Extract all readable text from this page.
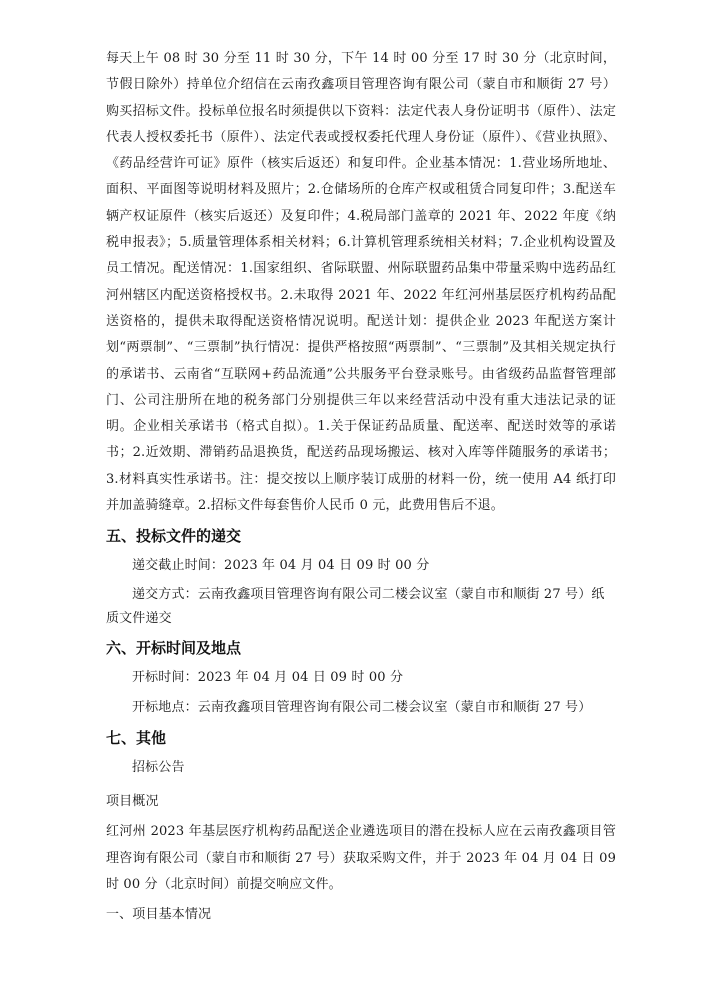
每天上午 08 时 30 分至 11 时 30 分，下午 14 时 00 分至 17 时 30 分（北京时间，节假日除外）持单位介绍信在云南孜鑫项目管理咨询有限公司（蒙自市和顺街 27 号）购买招标文件。投标单位报名时须提供以下资料：法定代表人身份证明书（原件）、法定代表人授权委托书（原件）、法定代表或授权委托代理人身份证（原件）、《营业执照》、《药品经营许可证》原件（核实后返还）和复印件。企业基本情况：1.营业场所地址、面积、平面图等说明材料及照片；2.仓储场所的仓库产权或租赁合同复印件；3.配送车辆产权证原件（核实后返还）及复印件；4.税局部门盖章的 2021 年、2022 年度《纳税申报表》；5.质量管理体系相关材料；6.计算机管理系统相关材料；7.企业机构设置及员工情况。配送情况：1.国家组织、省际联盟、州际联盟药品集中带量采购中选药品红河州辖区内配送资格授权书。2.未取得 2021 年、2022 年红河州基层医疗机构药品配送资格的，提供未取得配送资格情况说明。配送计划：提供企业 2023 年配送方案计划“两票制”、“三票制”执行情况：提供严格按照“两票制”、“三票制”及其相关规定执行的承诺书、云南省“互联网+药品流通”公共服务平台登录账号。由省级药品监督管理部门、公司注册所在地的税务部门分别提供三年以来经营活动中没有重大违法记录的证明。企业相关承诺书（格式自拟）。1.关于保证药品质量、配送率、配送时效等的承诺书；2.近效期、滞销药品退换货，配送药品现场搬运、核对入库等伴随服务的承诺书；3.材料真实性承诺书。注：提交按以上顺序装订成册的材料一份，统一使用 A4 纸打印并加盖骑缝章。2.招标文件每套售价人民币 0 元，此费用售后不退。

五、投标文件的递交

递交截止时间：2023 年 04 月 04 日 09 时 00 分

递交方式：云南孜鑫项目管理咨询有限公司二楼会议室（蒙自市和顺街 27 号）纸质文件递交

六、开标时间及地点

开标时间：2023 年 04 月 04 日 09 时 00 分

开标地点：云南孜鑫项目管理咨询有限公司二楼会议室（蒙自市和顺街 27 号）

七、其他

招标公告

项目概况

红河州 2023 年基层医疗机构药品配送企业遴选项目的潜在投标人应在云南孜鑫项目管理咨询有限公司（蒙自市和顺街 27 号）获取采购文件，并于 2023 年 04 月 04 日 09 时 00 分（北京时间）前提交响应文件。

一、项目基本情况
